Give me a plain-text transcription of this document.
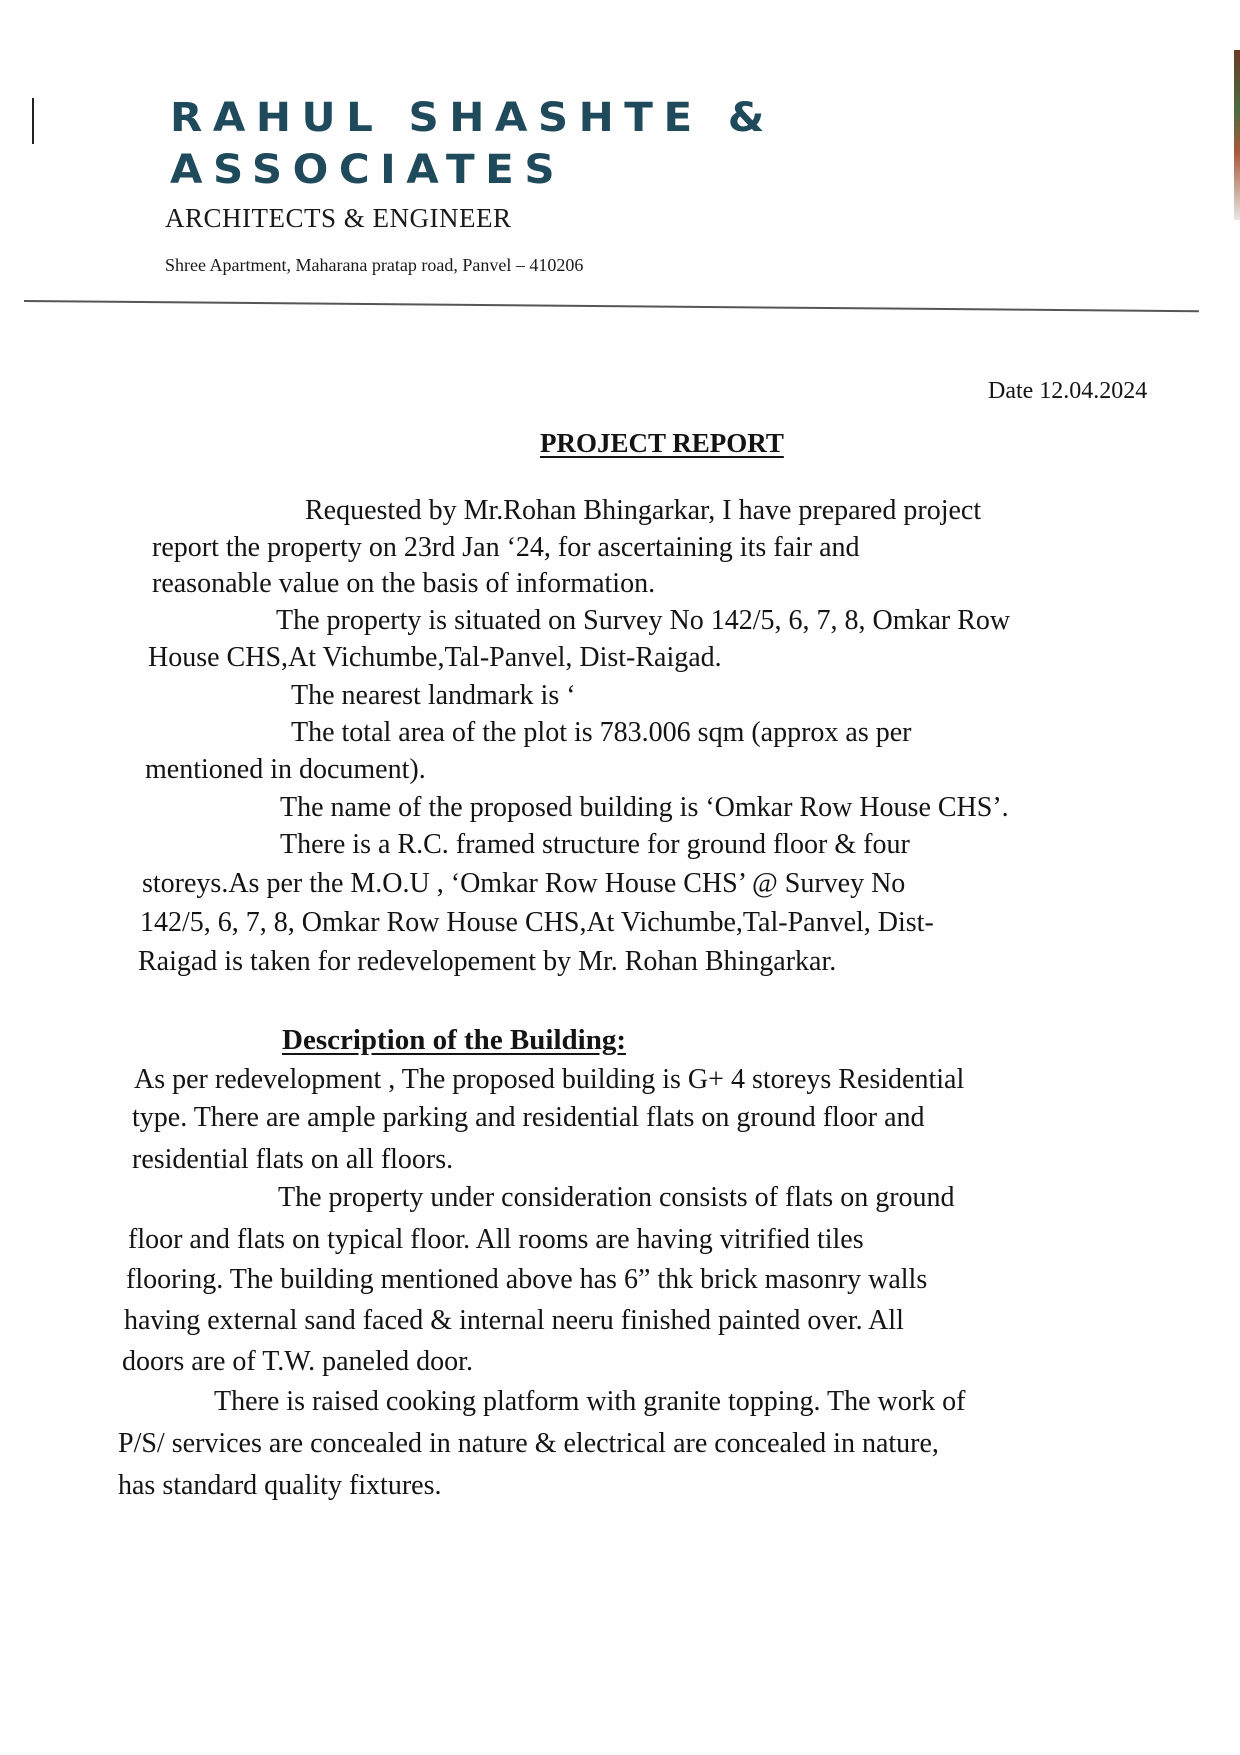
RAHUL SHASHTE &
ASSOCIATES
ARCHITECTS & ENGINEER
Shree Apartment, Maharana pratap road, Panvel – 410206
Date 12.04.2024
PROJECT REPORT
Requested by Mr.Rohan Bhingarkar, I have prepared project
report the property on 23rd Jan ‘24, for ascertaining its fair and
reasonable value on the basis of information.
The property is situated on Survey No 142/5, 6, 7, 8, Omkar Row
House CHS,At Vichumbe,Tal-Panvel, Dist-Raigad.
The nearest landmark is ‘
The total area of the plot is 783.006 sqm (approx as per
mentioned in document).
The name of the proposed building is ‘Omkar Row House CHS’.
There is a R.C. framed structure for ground floor & four
storeys.As per the M.O.U , ‘Omkar Row House CHS’ @ Survey No
142/5, 6, 7, 8, Omkar Row House CHS,At Vichumbe,Tal-Panvel, Dist-
Raigad is taken for redevelopement by Mr. Rohan Bhingarkar.
Description of the Building:
As per redevelopment , The proposed building is G+ 4 storeys Residential
type. There are ample parking and residential flats on ground floor and
residential flats on all floors.
The property under consideration consists of flats on ground
floor and flats on typical floor. All rooms are having vitrified tiles
flooring. The building mentioned above has 6” thk brick masonry walls
having external sand faced & internal neeru finished painted over. All
doors are of T.W. paneled door.
There is raised cooking platform with granite topping. The work of
P/S/ services are concealed in nature & electrical are concealed in nature,
has standard quality fixtures.
